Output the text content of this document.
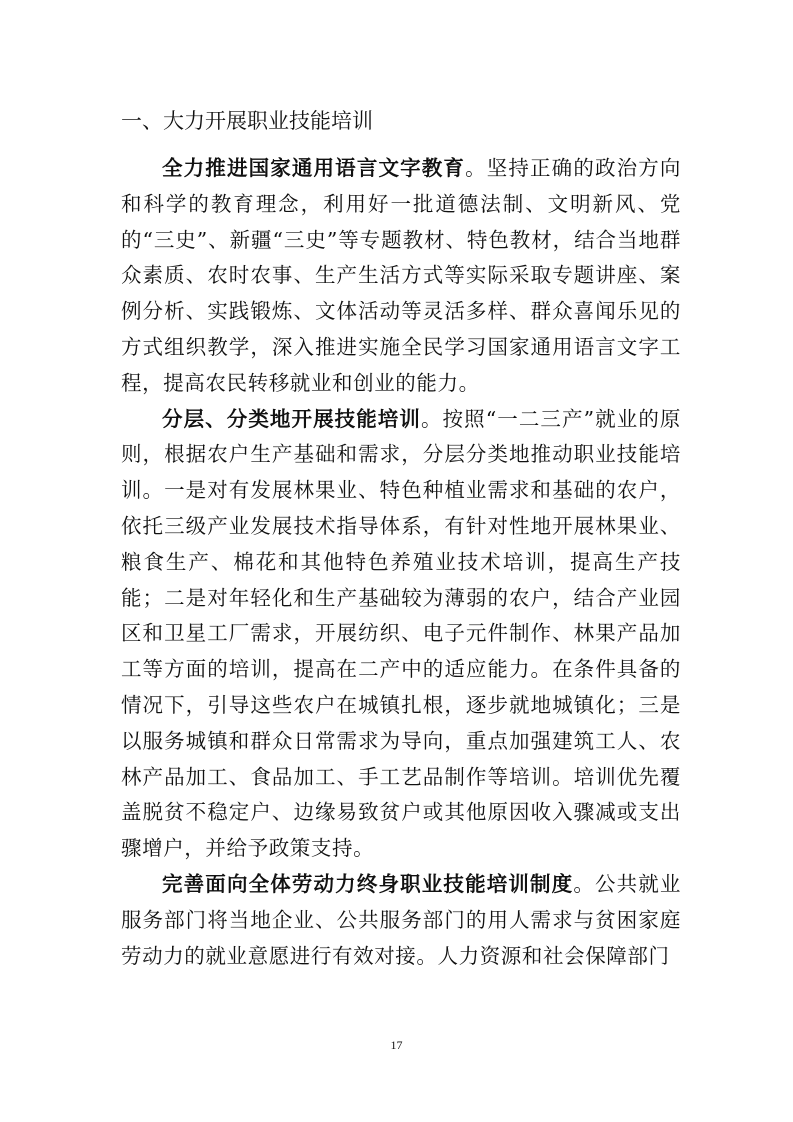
一、大力开展职业技能培训

全力推进国家通用语言文字教育。坚持正确的政治方向和科学的教育理念，利用好一批道德法制、文明新风、党的“三史”、新疆“三史”等专题教材、特色教材，结合当地群众素质、农时农事、生产生活方式等实际采取专题讲座、案例分析、实践锻炼、文体活动等灵活多样、群众喜闻乐见的方式组织教学，深入推进实施全民学习国家通用语言文字工程，提高农民转移就业和创业的能力。

分层、分类地开展技能培训。按照“一二三产”就业的原则，根据农户生产基础和需求，分层分类地推动职业技能培训。一是对有发展林果业、特色种植业需求和基础的农户，依托三级产业发展技术指导体系，有针对性地开展林果业、粮食生产、棉花和其他特色养殖业技术培训，提高生产技能；二是对年轻化和生产基础较为薄弱的农户，结合产业园区和卫星工厂需求，开展纺织、电子元件制作、林果产品加工等方面的培训，提高在二产中的适应能力。在条件具备的情况下，引导这些农户在城镇扎根，逐步就地城镇化；三是以服务城镇和群众日常需求为导向，重点加强建筑工人、农林产品加工、食品加工、手工艺品制作等培训。培训优先覆盖脱贫不稳定户、边缘易致贫户或其他原因收入骤减或支出骤增户，并给予政策支持。

完善面向全体劳动力终身职业技能培训制度。公共就业服务部门将当地企业、公共服务部门的用人需求与贫困家庭劳动力的就业意愿进行有效对接。人力资源和社会保障部门

17
